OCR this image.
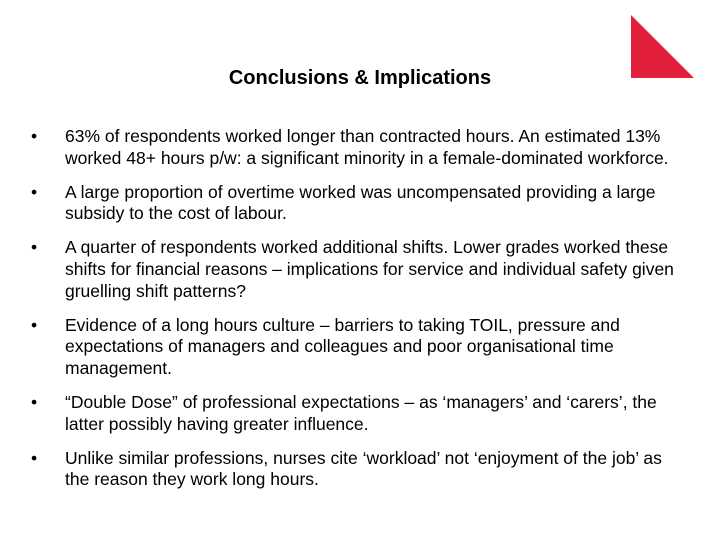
Conclusions & Implications
• 63% of respondents worked longer than contracted hours. An estimated 13% worked 48+ hours p/w: a significant minority in a female-dominated workforce.
• A large proportion of overtime worked was uncompensated providing a large subsidy to the cost of labour.
• A quarter of respondents worked additional shifts. Lower grades worked these shifts for financial reasons – implications for service and individual safety given gruelling shift patterns?
• Evidence of a long hours culture – barriers to taking TOIL, pressure and expectations of managers and colleagues and poor organisational time management.
• “Double Dose” of professional expectations – as ‘managers’ and ‘carers’, the latter possibly having greater influence.
• Unlike similar professions, nurses cite ‘workload’ not ‘enjoyment of the job’ as the reason they work long hours.
